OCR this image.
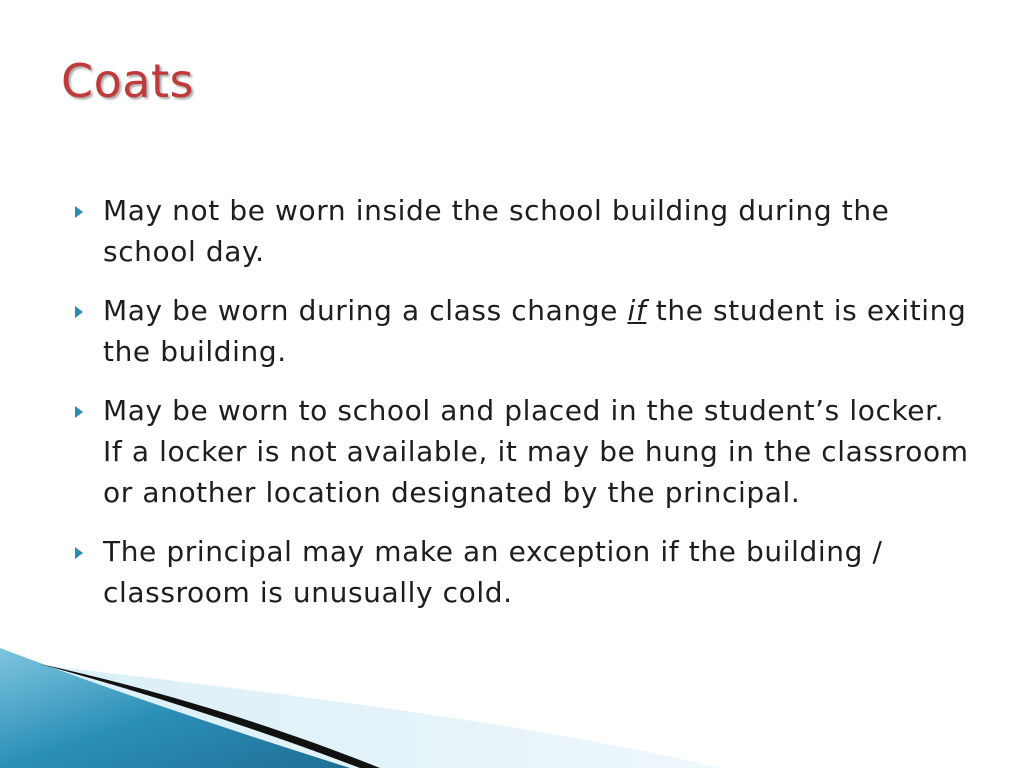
Coats
May not be worn inside the school building during the school day.
May be worn during a class change if the student is exiting the building.
May be worn to school and placed in the student’s locker. If a locker is not available, it may be hung in the classroom or another location designated by the principal.
The principal may make an exception if the building / classroom is unusually cold.
